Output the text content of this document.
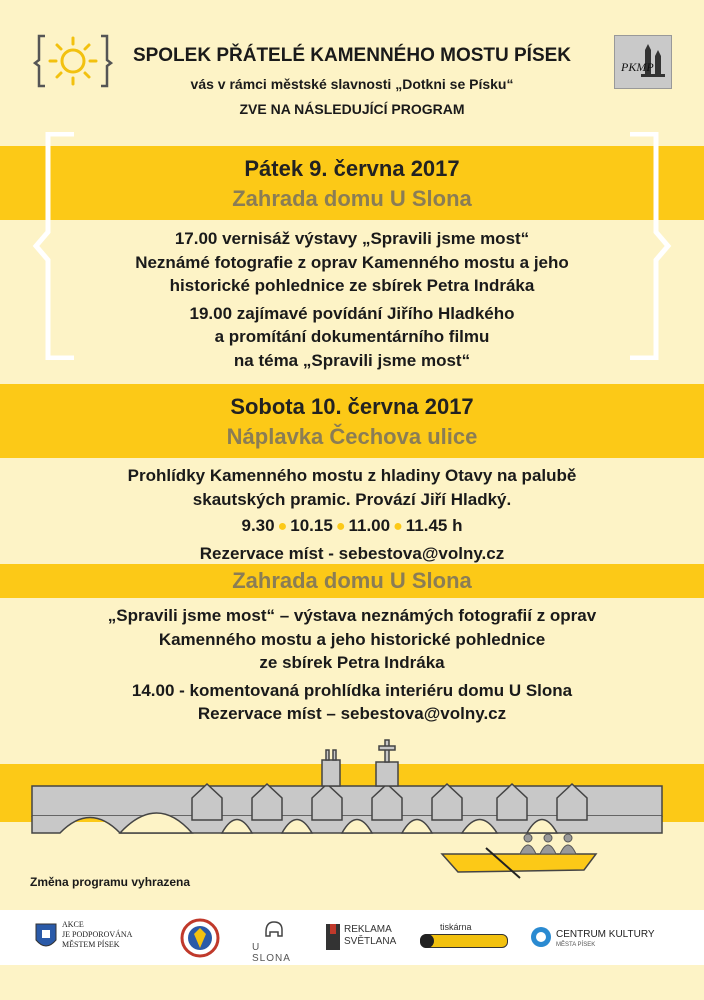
SPOLEK PŘÁTELÉ KAMENNÉHO MOSTU PÍSEK
vás v rámci městské slavnosti „Dotkni se Písku“
ZVE NA NÁSLEDUJÍCÍ PROGRAM
PKMP
Pátek 9. června 2017
Zahrada domu U Slona
17.00 vernisáž výstavy „Spravili jsme most“
Neznámé fotografie z oprav Kamenného mostu a jeho
historické pohlednice ze sbírek Petra Indráka
19.00 zajímavé povídání Jiřího Hladkého
a promítání dokumentárního filmu
na téma „Spravili jsme most“
Sobota 10. června 2017
Náplavka Čechova ulice
Prohlídky Kamenného mostu z hladiny Otavy na palubě
skautských pramic. Provází Jiří Hladký.
9.30 ● 10.15 ● 11.00 ● 11.45 h
Rezervace míst - sebestova@volny.cz
Zahrada domu U Slona
„Spravili jsme most“ – výstava neznámých fotografií z oprav
Kamenného mostu a jeho historické pohlednice
ze sbírek Petra Indráka
14.00 - komentovaná prohlídka interiéru domu U Slona
Rezervace míst – sebestova@volny.cz
Změna programu vyhrazena
AKCE
JE PODPOROVÁNA
MĚSTEM PÍSEK	U SLONA
REKLAMA
SVĚTLANA
tiskárna
CENTRUM KULTURY
MĚSTA PÍSEK
